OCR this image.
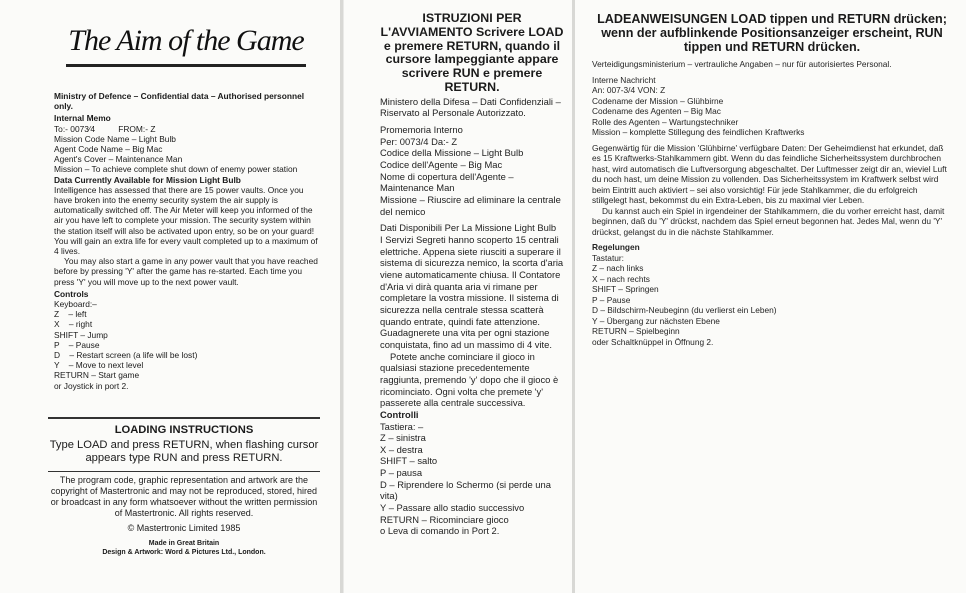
The Aim of the Game

Ministry of Defence – Confidential data – Authorised personnel only.

Internal Memo

To:- 0073⁄4          FROM:- Z

Mission Code Name – Light Bulb

Agent Code Name – Big Mac

Agent's Cover – Maintenance Man

Mission – To achieve complete shut down of enemy power station

Data Currently Available for Mission Light Bulb

Intelligence has assessed that there are 15 power vaults. Once you have broken into the enemy security system the air supply is automatically switched off. The Air Meter will keep you informed of the air you have left to complete your mission. The security system within the station itself will also be activated upon entry, so be on your guard! You will gain an extra life for every vault completed up to a maximum of 4 lives.

You may also start a game in any power vault that you have reached before by pressing 'Y' after the game has re-started. Each time you press 'Y' you will move up to the next power vault.

Controls

Keyboard:–

Z    – left

X    – right

SHIFT – Jump

P    – Pause

D    – Restart screen (a life will be lost)

Y    – Move to next level

RETURN – Start game

or Joystick in port 2.

LOADING INSTRUCTIONS
Type LOAD and press RETURN, when flashing cursor appears type RUN and press RETURN.
The program code, graphic representation and artwork are the copyright of Mastertronic and may not be reproduced, stored, hired or broadcast in any form whatsoever without the written permission of Mastertronic. All rights reserved.
© Mastertronic Limited 1985
Made in Great Britain
Design & Artwork: Word & Pictures Ltd., London.
ISTRUZIONI PER L'AVVIAMENTO Scrivere LOAD e premere RETURN, quando il cursore lampeggiante appare scrivere RUN e premere RETURN.

Ministero della Difesa – Dati Confidenziali – Riservato al Personale Autorizzato.

Promemoria Interno

Per: 0073/4 Da:- Z

Codice della Missione – Light Bulb

Codice dell'Agente – Big Mac

Nome di copertura dell'Agente – Maintenance Man

Missione – Riuscire ad eliminare la centrale del nemico

Dati Disponibili Per La Missione Light Bulb

I Servizi Segreti hanno scoperto 15 centrali elettriche. Appena siete riusciti a superare il sistema di sicurezza nemico, la scorta d'aria viene automaticamente chiusa. Il Contatore d'Aria vi dirà quanta aria vi rimane per completare la vostra missione. Il sistema di sicurezza nella centrale stessa scatterà quando entrate, quindi fate attenzione. Guadagnerete una vita per ogni stazione conquistata, fino ad un massimo di 4 vite.

Potete anche cominciare il gioco in qualsiasi stazione precedentemente raggiunta, premendo 'y' dopo che il gioco è ricominciato. Ogni volta che premete 'y' passerete alla centrale successiva.

Controlli

Tastiera: –

Z – sinistra

X – destra

SHIFT – salto

P – pausa

D – Riprendere lo Schermo (si perde una vita)

Y – Passare allo stadio successivo

RETURN – Ricominciare gioco

o Leva di comando in Port 2.

LADEANWEISUNGEN LOAD tippen und RETURN drücken; wenn der aufblinkende Positionsanzeiger erscheint, RUN tippen und RETURN drücken.

Verteidigungsministerium – vertrauliche Angaben – nur für autorisiertes Personal.

Interne Nachricht

An: 007-3/4 VON: Z

Codename der Mission – Glühbirne

Codename des Agenten – Big Mac

Rolle des Agenten – Wartungstechniker

Mission – komplette Stillegung des feindlichen Kraftwerks

Gegenwärtig für die Mission 'Glühbirne' verfügbare Daten: Der Geheimdienst hat erkundet, daß es 15 Kraftwerks-Stahlkammern gibt. Wenn du das feindliche Sicherheitssystem durchbrochen hast, wird automatisch die Luftversorgung abgeschaltet. Der Luftmesser zeigt dir an, wieviel Luft du noch hast, um deine Mission zu vollenden. Das Sicherheitssystem im Kraftwerk selbst wird beim Eintritt auch aktiviert – sei also vorsichtig! Für jede Stahlkammer, die du erfolgreich stillgelegt hast, bekommst du ein Extra-Leben, bis zu maximal vier Leben.

Du kannst auch ein Spiel in irgendeiner der Stahlkammern, die du vorher erreicht hast, damit beginnen, daß du 'Y' drückst, nachdem das Spiel erneut begonnen hat. Jedes Mal, wenn du 'Y' drückst, gelangst du in die nächste Stahlkammer.

Regelungen

Tastatur:

Z – nach links

X – nach rechts

SHIFT – Springen

P – Pause

D – Bildschirm-Neubeginn (du verlierst ein Leben)

Y – Übergang zur nächsten Ebene

RETURN – Spielbeginn

oder Schaltknüppel in Öffnung 2.
